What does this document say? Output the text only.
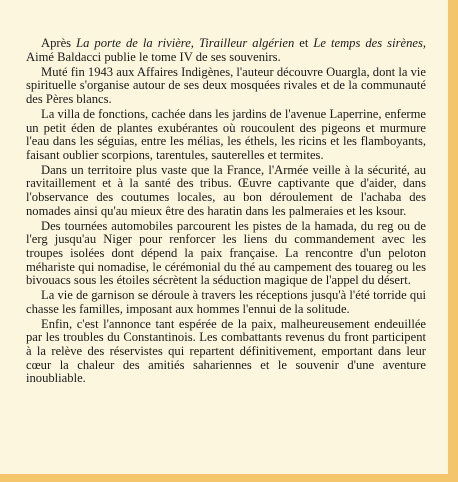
Après La porte de la rivière, Tirailleur algérien et Le temps des sirènes, Aimé Baldacci publie le tome IV de ses souvenirs.

Muté fin 1943 aux Affaires Indigènes, l'auteur découvre Ouargla, dont la vie spirituelle s'organise autour de ses deux mosquées rivales et de la communauté des Pères blancs.

La villa de fonctions, cachée dans les jardins de l'avenue Laperrine, enferme un petit éden de plantes exubérantes où roucoulent des pigeons et murmure l'eau dans les séguias, entre les mélias, les éthels, les ricins et les flamboyants, faisant oublier scorpions, tarentules, sauterelles et termites.

Dans un territoire plus vaste que la France, l'Armée veille à la sécurité, au ravitaillement et à la santé des tribus. Œuvre captivante que d'aider, dans l'observance des coutumes locales, au bon déroulement de l'achaba des nomades ainsi qu'au mieux être des haratin dans les palmeraies et les ksour.

Des tournées automobiles parcourent les pistes de la hamada, du reg ou de l'erg jusqu'au Niger pour renforcer les liens du commandement avec les troupes isolées dont dépend la paix française. La rencontre d'un peloton méhariste qui nomadise, le cérémonial du thé au campement des touareg ou les bivouacs sous les étoiles sécrètent la séduction magique de l'appel du désert.

La vie de garnison se déroule à travers les réceptions jusqu'à l'été torride qui chasse les familles, imposant aux hommes l'ennui de la solitude.

Enfin, c'est l'annonce tant espérée de la paix, malheureusement endeuillée par les troubles du Constantinois. Les combattants revenus du front participent à la relève des réservistes qui repartent définitivement, emportant dans leur cœur la chaleur des amitiés sahariennes et le souvenir d'une aventure inoubliable.
